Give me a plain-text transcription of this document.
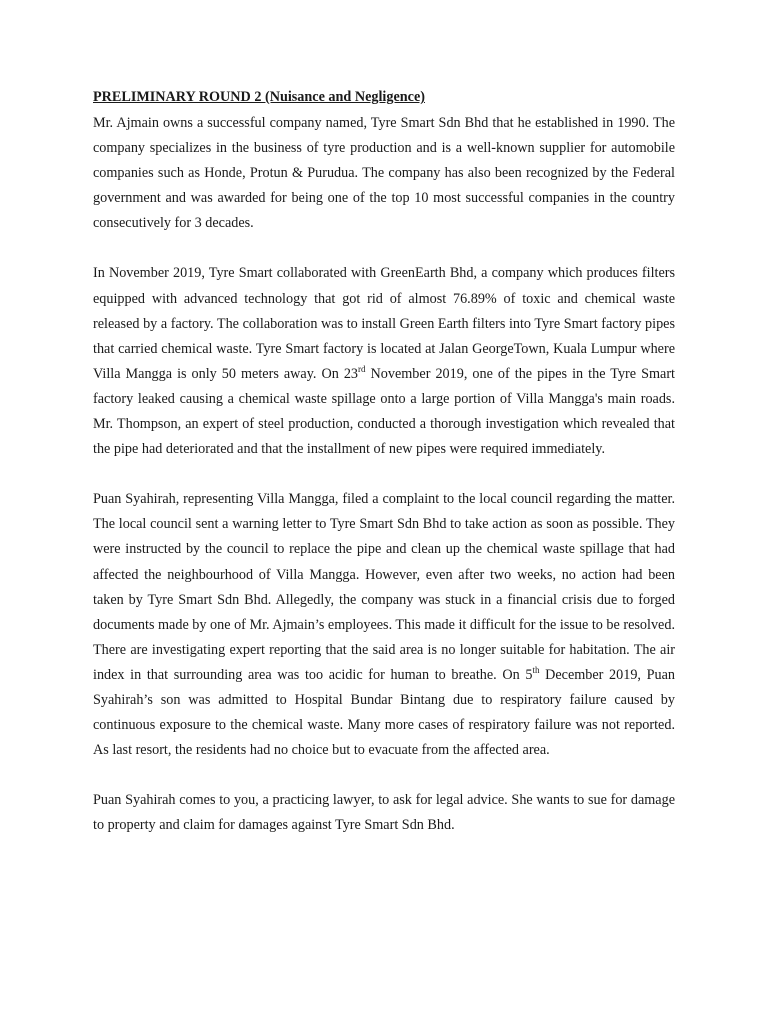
PRELIMINARY ROUND 2 (Nuisance and Negligence)

Mr. Ajmain owns a successful company named, Tyre Smart Sdn Bhd that he established in 1990. The company specializes in the business of tyre production and is a well-known supplier for automobile companies such as Honde, Protun & Purudua. The company has also been recognized by the Federal government and was awarded for being one of the top 10 most successful companies in the country consecutively for 3 decades.

In November 2019, Tyre Smart collaborated with GreenEarth Bhd, a company which produces filters equipped with advanced technology that got rid of almost 76.89% of toxic and chemical waste released by a factory. The collaboration was to install Green Earth filters into Tyre Smart factory pipes that carried chemical waste. Tyre Smart factory is located at Jalan GeorgeTown, Kuala Lumpur where Villa Mangga is only 50 meters away. On 23rd November 2019, one of the pipes in the Tyre Smart factory leaked causing a chemical waste spillage onto a large portion of Villa Mangga's main roads. Mr. Thompson, an expert of steel production, conducted a thorough investigation which revealed that the pipe had deteriorated and that the installment of new pipes were required immediately.

Puan Syahirah, representing Villa Mangga, filed a complaint to the local council regarding the matter. The local council sent a warning letter to Tyre Smart Sdn Bhd to take action as soon as possible. They were instructed by the council to replace the pipe and clean up the chemical waste spillage that had affected the neighbourhood of Villa Mangga. However, even after two weeks, no action had been taken by Tyre Smart Sdn Bhd. Allegedly, the company was stuck in a financial crisis due to forged documents made by one of Mr. Ajmain’s employees. This made it difficult for the issue to be resolved. There are investigating expert reporting that the said area is no longer suitable for habitation. The air index in that surrounding area was too acidic for human to breathe. On 5th December 2019, Puan Syahirah’s son was admitted to Hospital Bundar Bintang due to respiratory failure caused by continuous exposure to the chemical waste. Many more cases of respiratory failure was not reported. As last resort, the residents had no choice but to evacuate from the affected area.

Puan Syahirah comes to you, a practicing lawyer, to ask for legal advice. She wants to sue for damage to property and claim for damages against Tyre Smart Sdn Bhd.
